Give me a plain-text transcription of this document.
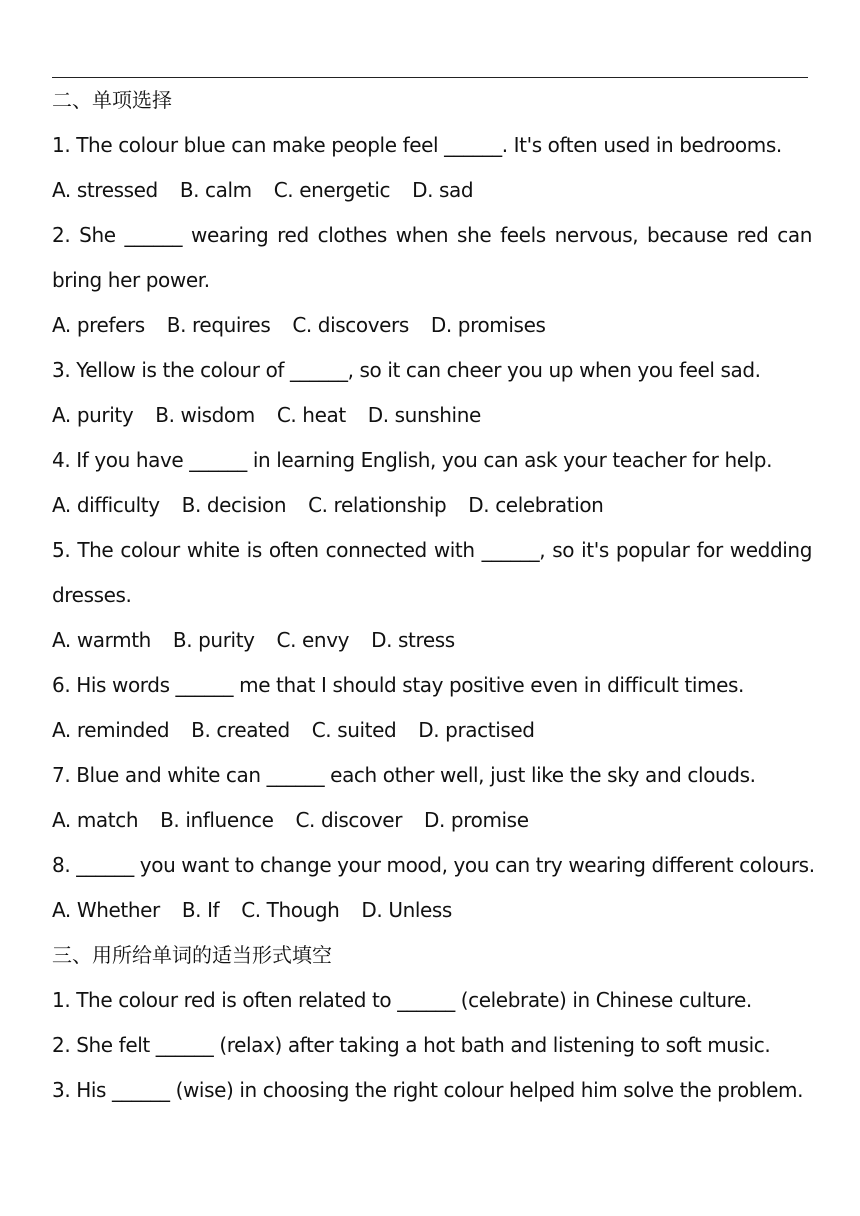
二、单项选择
1. The colour blue can make people feel ______. It's often used in bedrooms.
A. stressed B. calm C. energetic D. sad
2. She ______ wearing red clothes when she feels nervous, because red can bring her power.
A. prefers B. requires C. discovers D. promises
3. Yellow is the colour of ______, so it can cheer you up when you feel sad.
A. purity B. wisdom C. heat D. sunshine
4. If you have ______ in learning English, you can ask your teacher for help.
A. difficulty B. decision C. relationship D. celebration
5. The colour white is often connected with ______, so it's popular for wedding dresses.
A. warmth B. purity C. envy D. stress
6. His words ______ me that I should stay positive even in difficult times.
A. reminded B. created C. suited D. practised
7. Blue and white can ______ each other well, just like the sky and clouds.
A. match B. influence C. discover D. promise
8. ______ you want to change your mood, you can try wearing different colours.
A. Whether B. If C. Though D. Unless
三、用所给单词的适当形式填空
1. The colour red is often related to ______ (celebrate) in Chinese culture.
2. She felt ______ (relax) after taking a hot bath and listening to soft music.
3. His ______ (wise) in choosing the right colour helped him solve the problem.
